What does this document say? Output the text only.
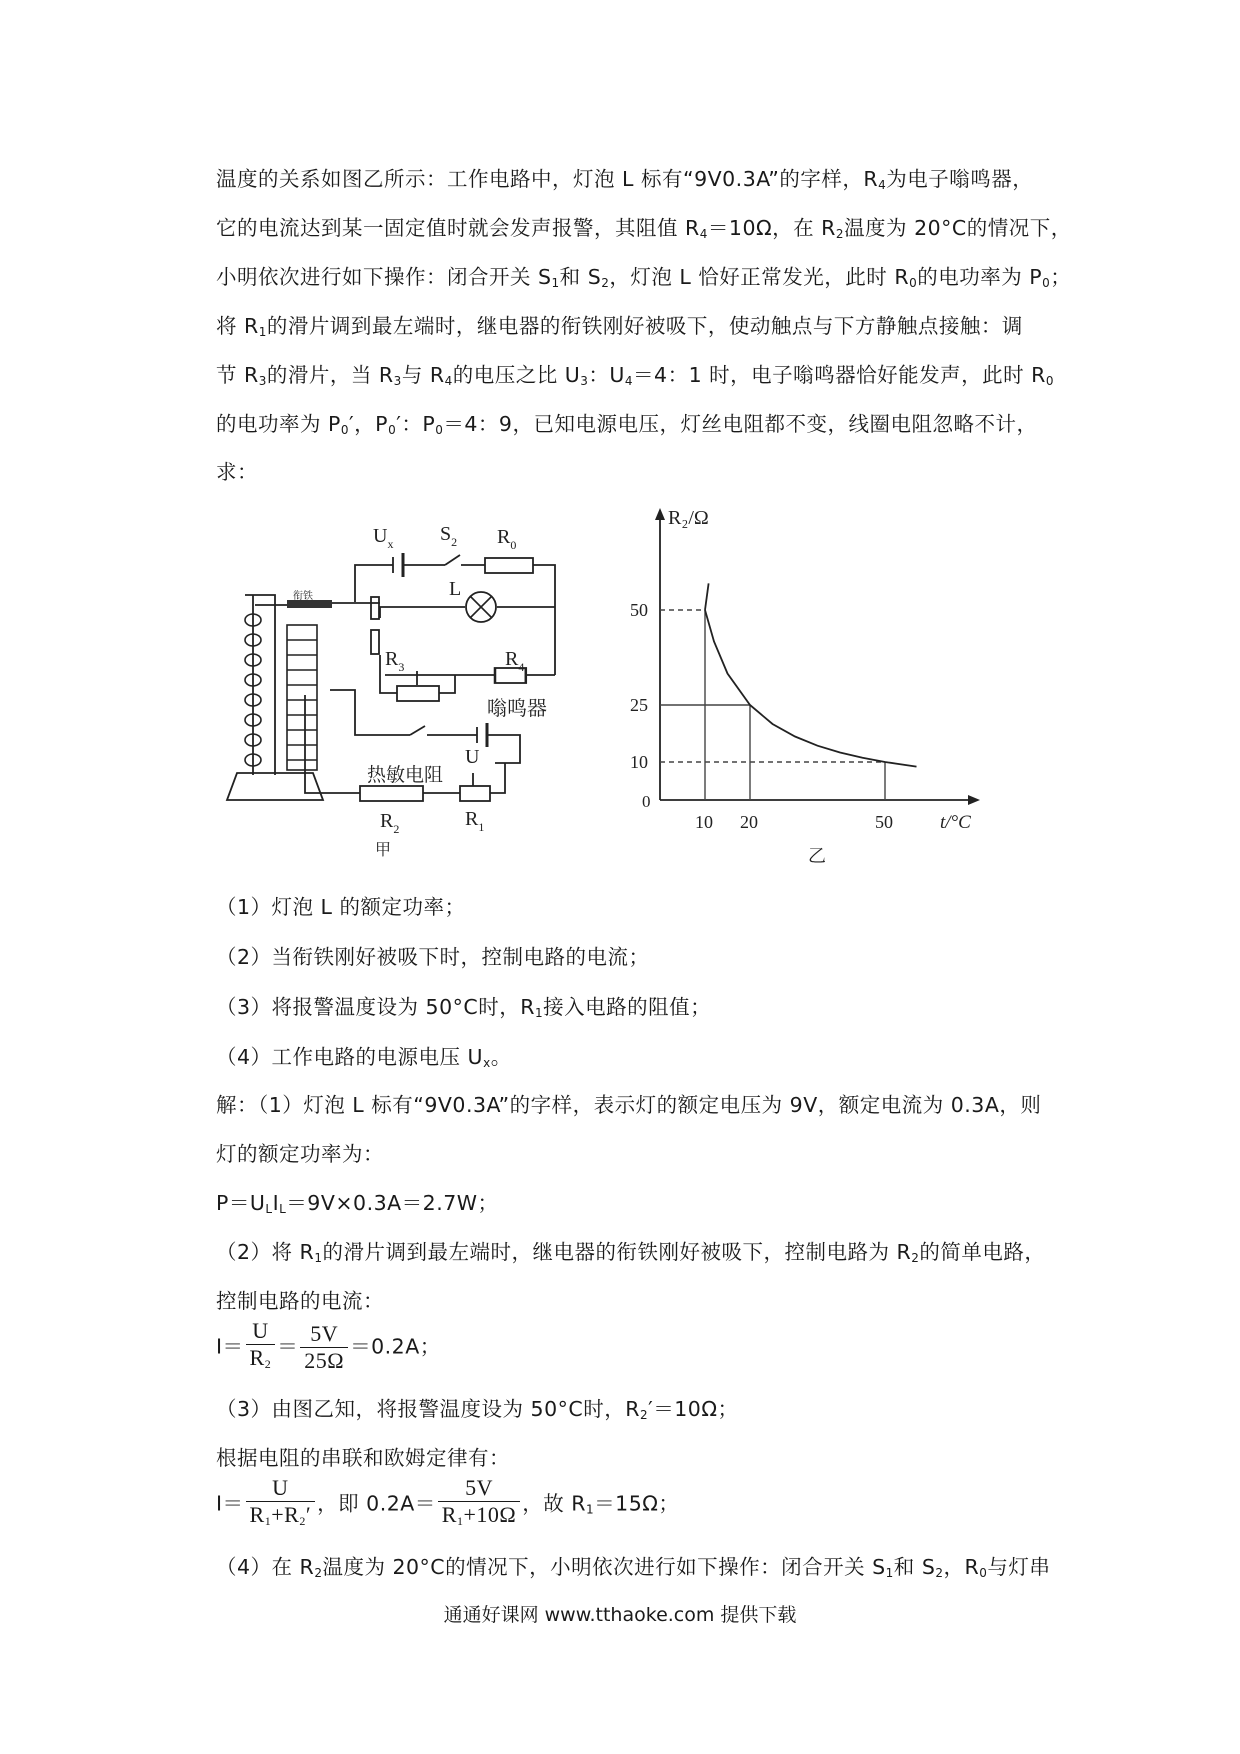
温度的关系如图乙所示：工作电路中，灯泡 L 标有“9V0.3A”的字样，$R_4$为电子嗡鸣器，
它的电流达到某一固定值时就会发声报警，其阻值 $R_4=10\Omega$，在 $R_2$温度为 20°C的情况下，
小明依次进行如下操作：闭合开关 $S_1$和 $S_2$，灯泡 L 恰好正常发光，此时 $R_0$的电功率为 $P_0$；
将 $R_1$的滑片调到最左端时，继电器的衔铁刚好被吸下，使动触点与下方静触点接触：调
节 $R_3$的滑片，当 $R_3$与 $R_4$的电压之比 $U_3$：$U_4=4$：1 时，电子嗡鸣器恰好能发声，此时 $R_0$
的电功率为 $P_0'$，$P_0'$：$P_0=4$：9，已知电源电压，灯丝电阻都不变，线圈电阻忽略不计，
求：
$U_x$ $S_2$ $R_0$
L
$R_3$	$R_4$
嗡鸣器
U
热敏电阻
$R_2$	$R_1$
衔铁
甲
R₂/Ω
t/°C
0
10 20	50
10
25
50
乙
（1）灯泡 L 的额定功率；
（2）当衔铁刚好被吸下时，控制电路的电流；
（3）将报警温度设为 50°C时，$R_1$接入电路的阻值；
（4）工作电路的电源电压 $U_x$。
解：（1）灯泡 L 标有“9V0.3A”的字样，表示灯的额定电压为 9V，额定电流为 0.3A，则
灯的额定功率为：
$P=U_LI_L=9V\times 0.3A=2.7W$；
（2）将 $R_1$的滑片调到最左端时，继电器的衔铁刚好被吸下，控制电路为 $R_2$的简单电路，
控制电路的电流：
$I= \frac{U}{R_2} = \frac{5V}{25\Omega} =0.2A$；
（3）由图乙知，将报警温度设为 50°C时，$R_2'=10\Omega$；
根据电阻的串联和欧姆定律有：
$I= \frac{U}{R_1+R_2'}$ ，即 $0.2A= \frac{5V}{R_1+10\Omega}$ ，故 $R_1=15\Omega$；
（4）在 $R_2$温度为 20°C的情况下，小明依次进行如下操作：闭合开关 $S_1$和 $S_2$，$R_0$与灯串
通通好课网 www.tthaoke.com 提供下载
